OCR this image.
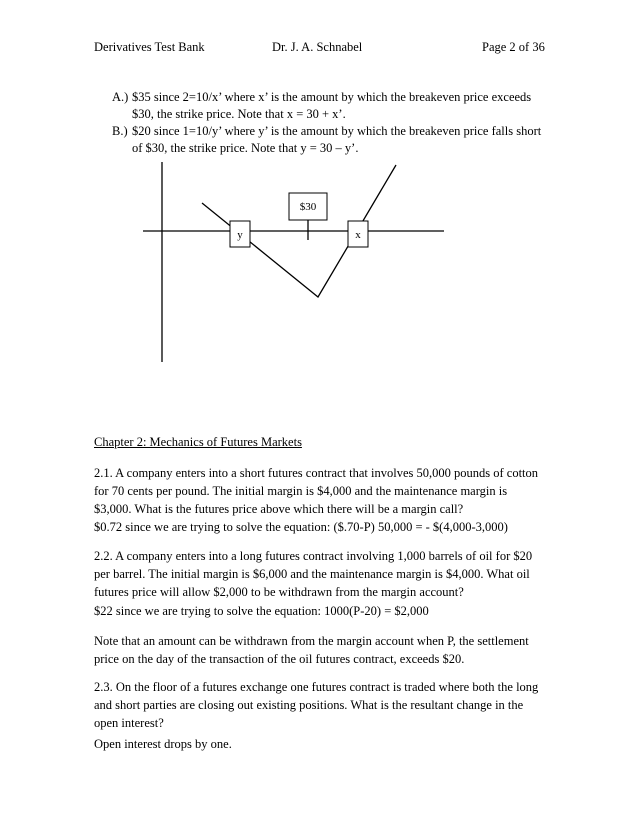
Derivatives Test Bank	Dr. J. A. Schnabel	Page 2 of 36
A.) $35 since 2=10/x’ where x’ is the amount by which the breakeven price exceeds
$30, the strike price. Note that x = 30 + x’.
B.) $20 since 1=10/y’ where y’ is the amount by which the breakeven price falls short
of $30, the strike price. Note that y = 30 – y’.
$30
y	x
Chapter 2: Mechanics of Futures Markets
2.1. A company enters into a short futures contract that involves 50,000 pounds of cotton
for 70 cents per pound. The initial margin is $4,000 and the maintenance margin is
$3,000. What is the futures price above which there will be a margin call?
$0.72 since we are trying to solve the equation: ($.70-P) 50,000 = - $(4,000-3,000)
2.2. A company enters into a long futures contract involving 1,000 barrels of oil for $20
per barrel. The initial margin is $6,000 and the maintenance margin is $4,000. What oil
futures price will allow $2,000 to be withdrawn from the margin account?
$22 since we are trying to solve the equation: 1000(P-20) = $2,000
Note that an amount can be withdrawn from the margin account when P, the settlement
price on the day of the transaction of the oil futures contract, exceeds $20.
2.3. On the floor of a futures exchange one futures contract is traded where both the long
and short parties are closing out existing positions. What is the resultant change in the
open interest?
Open interest drops by one.
